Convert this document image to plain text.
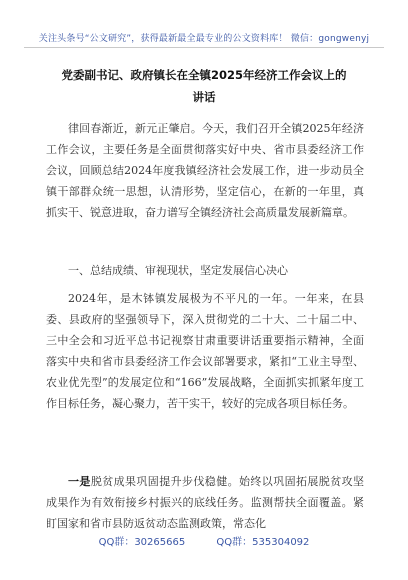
关注头条号“公文研究”，获得最新最全最专业的公文资料库！ 微信：gongwenyj
党委副书记、政府镇长在全镇2025年经济工作会议上的讲话

律回春渐近，新元正肇启。今天，我们召开全镇2025年经济工作会议，主要任务是全面贯彻落实好中央、省市县委经济工作会议，回顾总结2024年度我镇经济社会发展工作，进一步动员全镇干部群众统一思想，认清形势，坚定信心，在新的一年里，真抓实干、锐意进取，奋力谱写全镇经济社会高质量发展新篇章。

一、总结成绩、审视现状，坚定发展信心决心

2024年，是木钵镇发展极为不平凡的一年。一年来，在县委、县政府的坚强领导下，深入贯彻党的二十大、二十届二中、三中全会和习近平总书记视察甘肃重要讲话重要指示精神，全面落实中央和省市县委经济工作会议部署要求，紧扣“工业主导型、农业优先型”的发展定位和“166”发展战略，全面抓实抓紧年度工作目标任务，凝心聚力，苦干实干，较好的完成各项目标任务。

一是脱贫成果巩固提升步伐稳健。始终以巩固拓展脱贫攻坚成果作为有效衔接乡村振兴的底线任务。监测帮扶全面覆盖。紧盯国家和省市县防返贫动态监测政策，常态化

QQ群：30265665	QQ群：535304092
